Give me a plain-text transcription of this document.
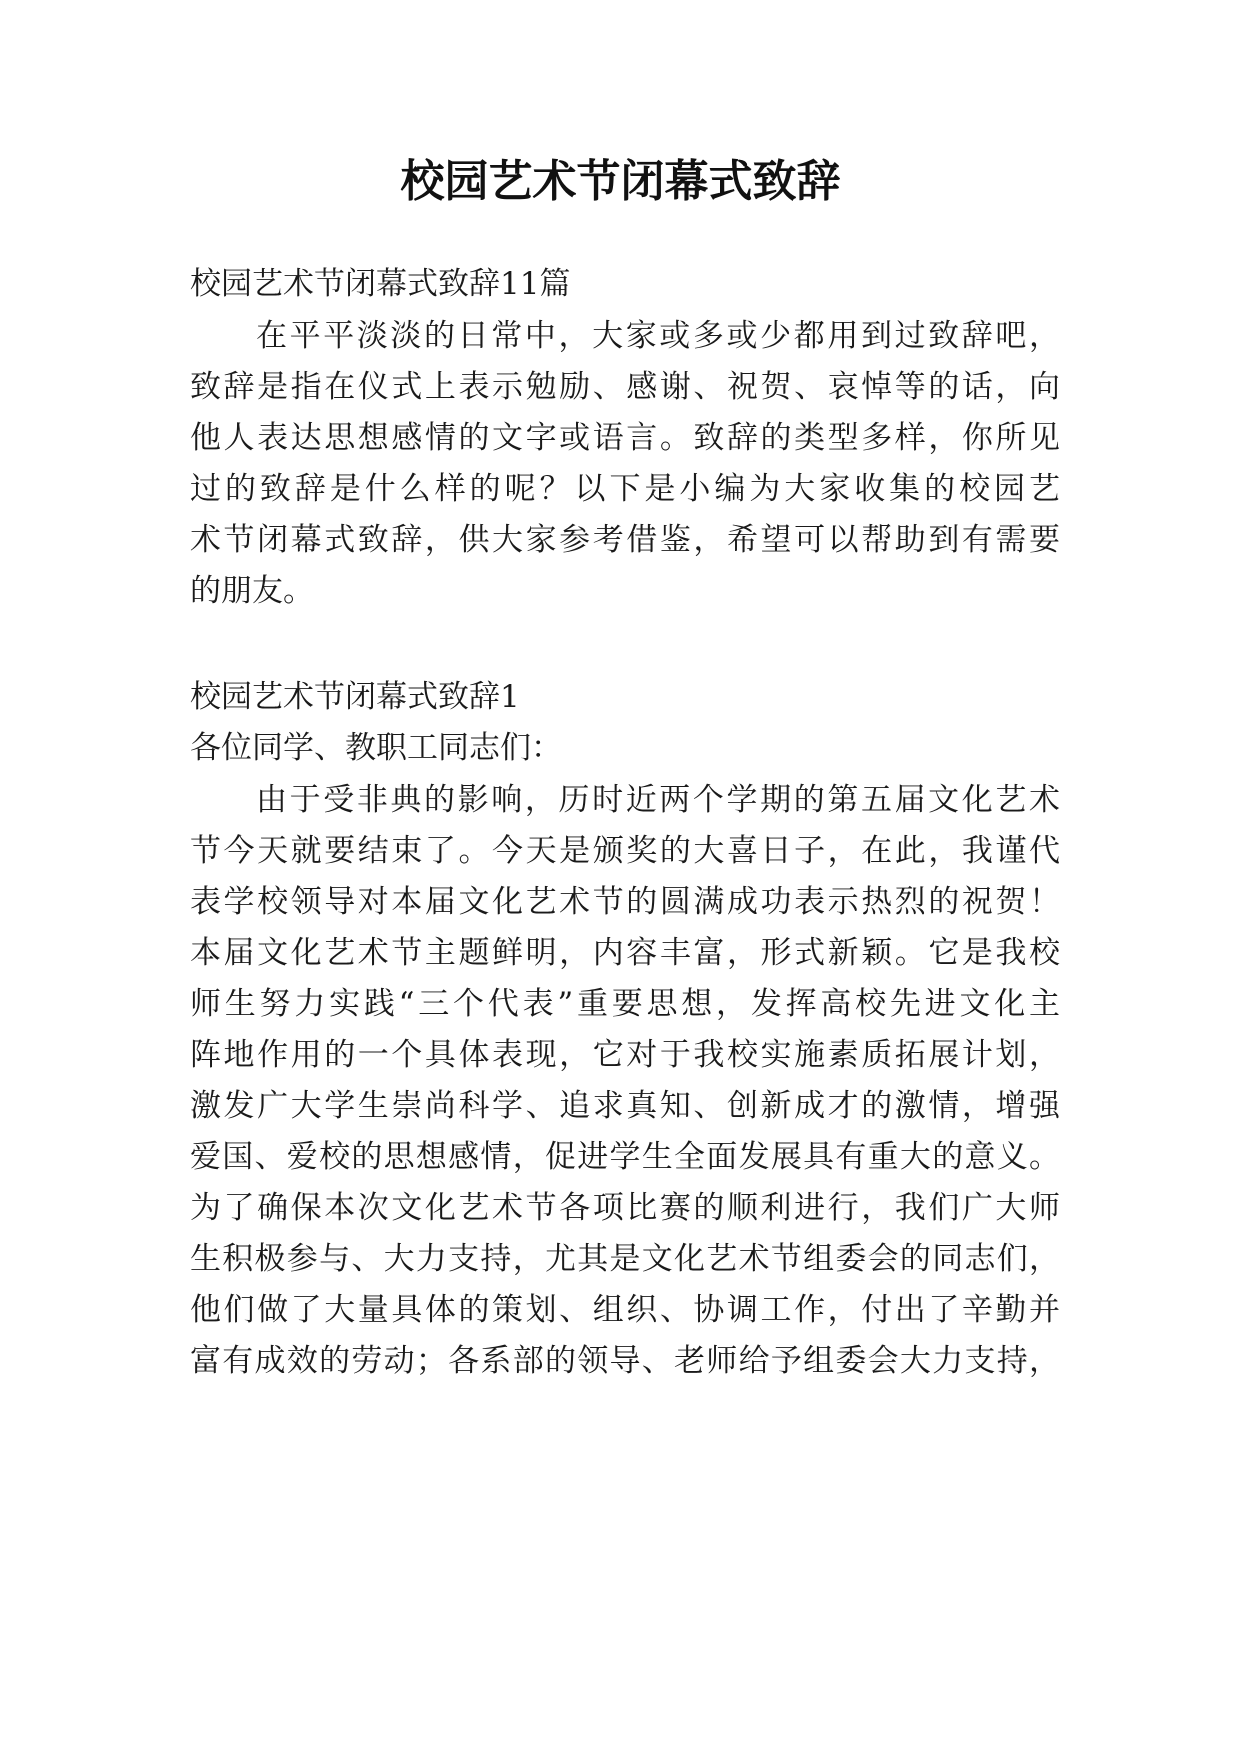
校园艺术节闭幕式致辞

校园艺术节闭幕式致辞11篇

在平平淡淡的日常中，大家或多或少都用到过致辞吧，

致辞是指在仪式上表示勉励、感谢、祝贺、哀悼等的话，向

他人表达思想感情的文字或语言。致辞的类型多样，你所见

过的致辞是什么样的呢？以下是小编为大家收集的校园艺

术节闭幕式致辞，供大家参考借鉴，希望可以帮助到有需要

的朋友。

校园艺术节闭幕式致辞1

各位同学、教职工同志们：

由于受非典的影响，历时近两个学期的第五届文化艺术

节今天就要结束了。今天是颁奖的大喜日子，在此，我谨代

表学校领导对本届文化艺术节的圆满成功表示热烈的祝贺！

本届文化艺术节主题鲜明，内容丰富，形式新颖。它是我校

师生努力实践“三个代表”重要思想，发挥高校先进文化主

阵地作用的一个具体表现，它对于我校实施素质拓展计划，

激发广大学生崇尚科学、追求真知、创新成才的激情，增强

爱国、爱校的思想感情，促进学生全面发展具有重大的意义。

为了确保本次文化艺术节各项比赛的顺利进行，我们广大师

生积极参与、大力支持，尤其是文化艺术节组委会的同志们，

他们做了大量具体的策划、组织、协调工作，付出了辛勤并

富有成效的劳动；各系部的领导、老师给予组委会大力支持，
